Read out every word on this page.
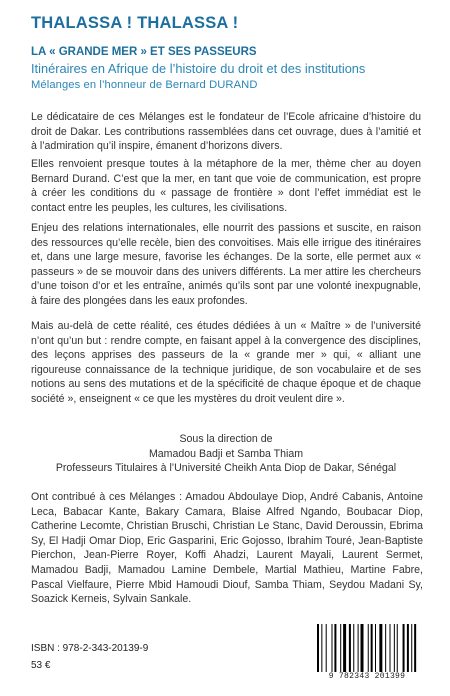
THALASSA ! THALASSA !
LA « GRANDE MER » ET SES PASSEURS
Itinéraires en Afrique de l’histoire du droit et des institutions
Mélanges en l’honneur de Bernard DURAND

Le dédicataire de ces Mélanges est le fondateur de l’Ecole africaine d’histoire du droit de Dakar. Les contributions rassemblées dans cet ouvrage, dues à l’amitié et à l’admiration qu’il inspire, émanent d’horizons divers.

Elles renvoient presque toutes à la métaphore de la mer, thème cher au doyen Bernard Durand. C’est que la mer, en tant que voie de communication, est propre à créer les conditions du « passage de frontière » dont l’effet immédiat est le contact entre les peuples, les cultures, les civilisations.

Enjeu des relations internationales, elle nourrit des passions et suscite, en raison des ressources qu’elle recèle, bien des convoitises. Mais elle irrigue des itinéraires et, dans une large mesure, favorise les échanges. De la sorte, elle permet aux « passeurs » de se mouvoir dans des univers différents. La mer attire les chercheurs d’une toison d’or et les entraîne, animés qu’ils sont par une volonté inexpugnable, à faire des plongées dans les eaux profondes.

Mais au-delà de cette réalité, ces études dédiées à un « Maître » de l’université n’ont qu’un but : rendre compte, en faisant appel à la convergence des disciplines, des leçons apprises des passeurs de la « grande mer » qui, « alliant une rigoureuse connaissance de la technique juridique, de son vocabulaire et de ses notions au sens des mutations et de la spécificité de chaque époque et de chaque société », enseignent « ce que les mystères du droit veulent dire ».

Sous la direction de
Mamadou Badji et Samba Thiam
Professeurs Titulaires à l’Université Cheikh Anta Diop de Dakar, Sénégal

Ont contribué à ces Mélanges : Amadou Abdoulaye Diop, André Cabanis, Antoine Leca, Babacar Kante, Bakary Camara, Blaise Alfred Ngando, Boubacar Diop, Catherine Lecomte, Christian Bruschi, Christian Le Stanc, David Deroussin, Ebrima Sy, El Hadji Omar Diop, Eric Gasparini, Eric Gojosso, Ibrahim Touré, Jean-Baptiste Pierchon, Jean-Pierre Royer, Koffi Ahadzi, Laurent Mayali, Laurent Sermet, Mamadou Badji, Mamadou Lamine Dembele, Martial Mathieu, Martine Fabre, Pascal Vielfaure, Pierre Mbid Hamoudi Diouf, Samba Thiam, Seydou Madani Sy, Soazick Kerneis, Sylvain Sankale.

ISBN : 978-2-343-20139-9
53 €
9 782343 201399
